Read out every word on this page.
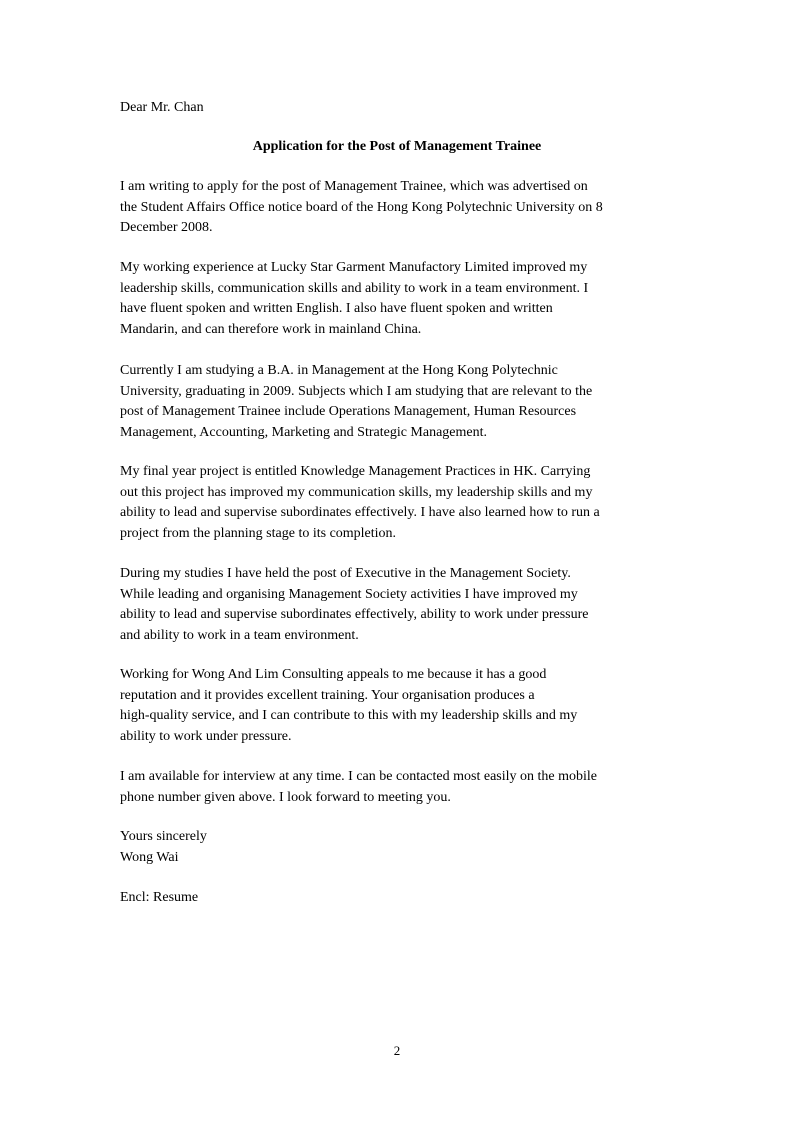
Dear Mr. Chan
Application for the Post of Management Trainee
I am writing to apply for the post of Management Trainee, which was advertised on
the Student Affairs Office notice board of the Hong Kong Polytechnic University on 8
December 2008.
My working experience at Lucky Star Garment Manufactory Limited improved my
leadership skills, communication skills and ability to work in a team environment. I
have fluent spoken and written English. I also have fluent spoken and written
Mandarin, and can therefore work in mainland China.
Currently I am studying a B.A. in Management at the Hong Kong Polytechnic
University, graduating in 2009. Subjects which I am studying that are relevant to the
post of Management Trainee include Operations Management, Human Resources
Management, Accounting, Marketing and Strategic Management.
My final year project is entitled Knowledge Management Practices in HK. Carrying
out this project has improved my communication skills, my leadership skills and my
ability to lead and supervise subordinates effectively. I have also learned how to run a
project from the planning stage to its completion.
During my studies I have held the post of Executive in the Management Society.
While leading and organising Management Society activities I have improved my
ability to lead and supervise subordinates effectively, ability to work under pressure
and ability to work in a team environment.
Working for Wong And Lim Consulting appeals to me because it has a good
reputation and it provides excellent training. Your organisation produces a
high-quality service, and I can contribute to this with my leadership skills and my
ability to work under pressure.
I am available for interview at any time. I can be contacted most easily on the mobile
phone number given above. I look forward to meeting you.
Yours sincerely
Wong Wai
Encl: Resume
2
